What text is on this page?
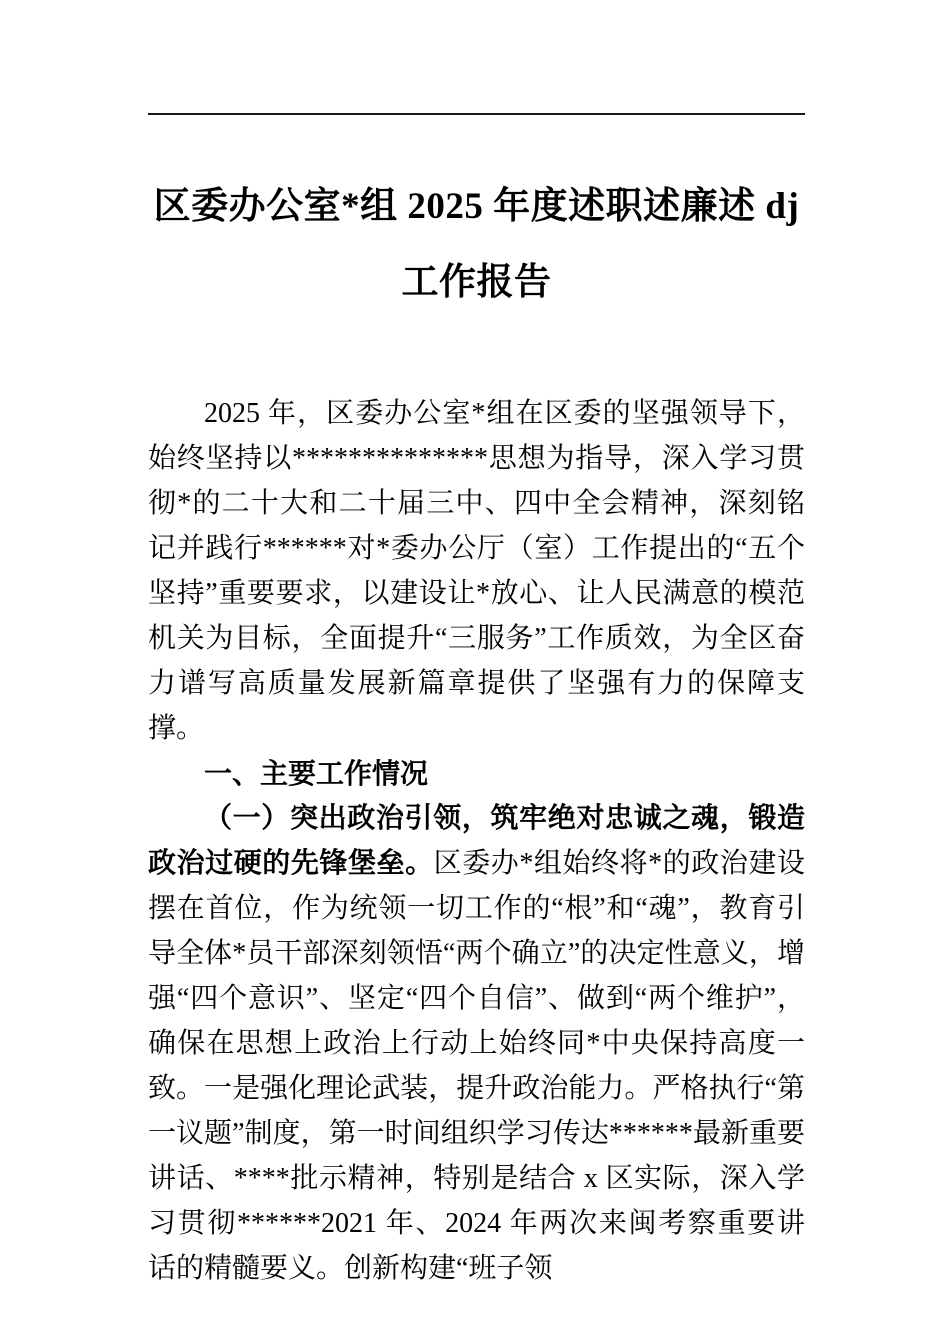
区委办公室*组 2025 年度述职述廉述 dj 工作报告

2025 年，区委办公室*组在区委的坚强领导下，始终坚持以**************思想为指导，深入学习贯彻*的二十大和二十届三中、四中全会精神，深刻铭记并践行******对*委办公厅（室）工作提出的“五个坚持”重要要求，以建设让*放心、让人民满意的模范机关为目标，全面提升“三服务”工作质效，为全区奋力谱写高质量发展新篇章提供了坚强有力的保障支撑。

一、主要工作情况

（一）突出政治引领，筑牢绝对忠诚之魂，锻造政治过硬的先锋堡垒。区委办*组始终将*的政治建设摆在首位，作为统领一切工作的“根”和“魂”，教育引导全体*员干部深刻领悟“两个确立”的决定性意义，增强“四个意识”、坚定“四个自信”、做到“两个维护”，确保在思想上政治上行动上始终同*中央保持高度一致。一是强化理论武装，提升政治能力。严格执行“第一议题”制度，第一时间组织学习传达******最新重要讲话、****批示精神，特别是结合 x 区实际，深入学习贯彻******2021 年、2024 年两次来闽考察重要讲话的精髓要义。创新构建“班子领
